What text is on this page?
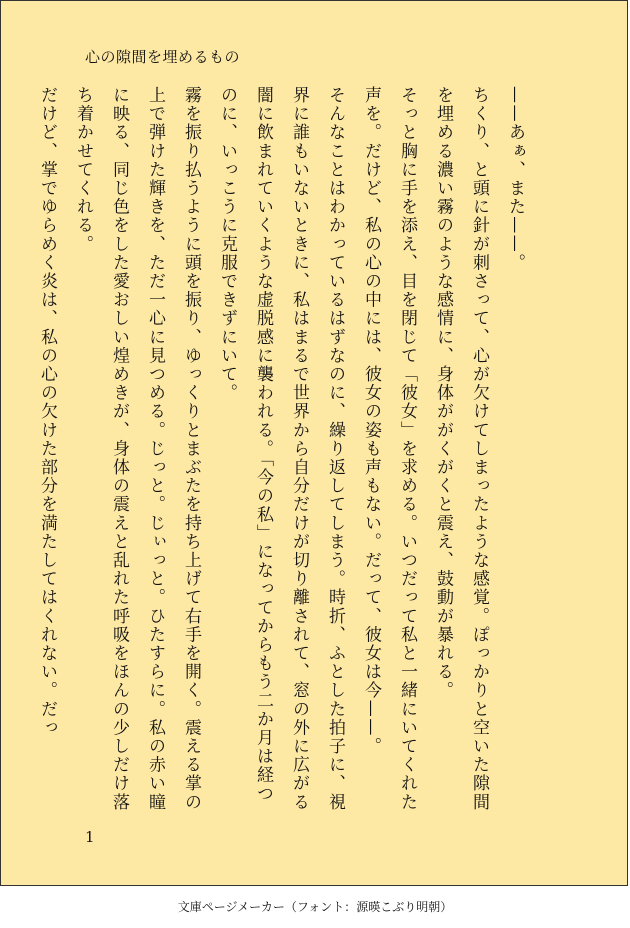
心の隙間を埋めるもの

——あぁ、また——。

ちくり、と頭に針が刺さって、心が欠けてしまったような感覚。ぽっかりと空いた隙間を埋める濃い霧のような感情に、身体ががくがくと震え、鼓動が暴れる。

そっと胸に手を添え、目を閉じて「彼女」を求める。いつだって私と一緒にいてくれた声を。だけど、私の心の中には、彼女の姿も声もない。だって、彼女は今——。

そんなことはわかっているはずなのに、繰り返してしまう。時折、ふとした拍子に、視界に誰もいないときに、私はまるで世界から自分だけが切り離されて、窓の外に広がる闇に飲まれていくような虚脱感に襲われる。「今の私」になってからもう二か月は経つのに、いっこうに克服できずにいて。

霧を振り払うように頭を振り、ゆっくりとまぶたを持ち上げて右手を開く。震える掌の上で弾けた輝きを、ただ一心に見つめる。じっと。じぃっと。ひたすらに。私の赤い瞳に映る、同じ色をした愛おしい煌めきが、身体の震えと乱れた呼吸をほんの少しだけ落ち着かせてくれる。

だけど、掌でゆらめく炎は、私の心の欠けた部分を満たしてはくれない。だっ

1
文庫ページメーカー（フォント：源暎こぶり明朝）
